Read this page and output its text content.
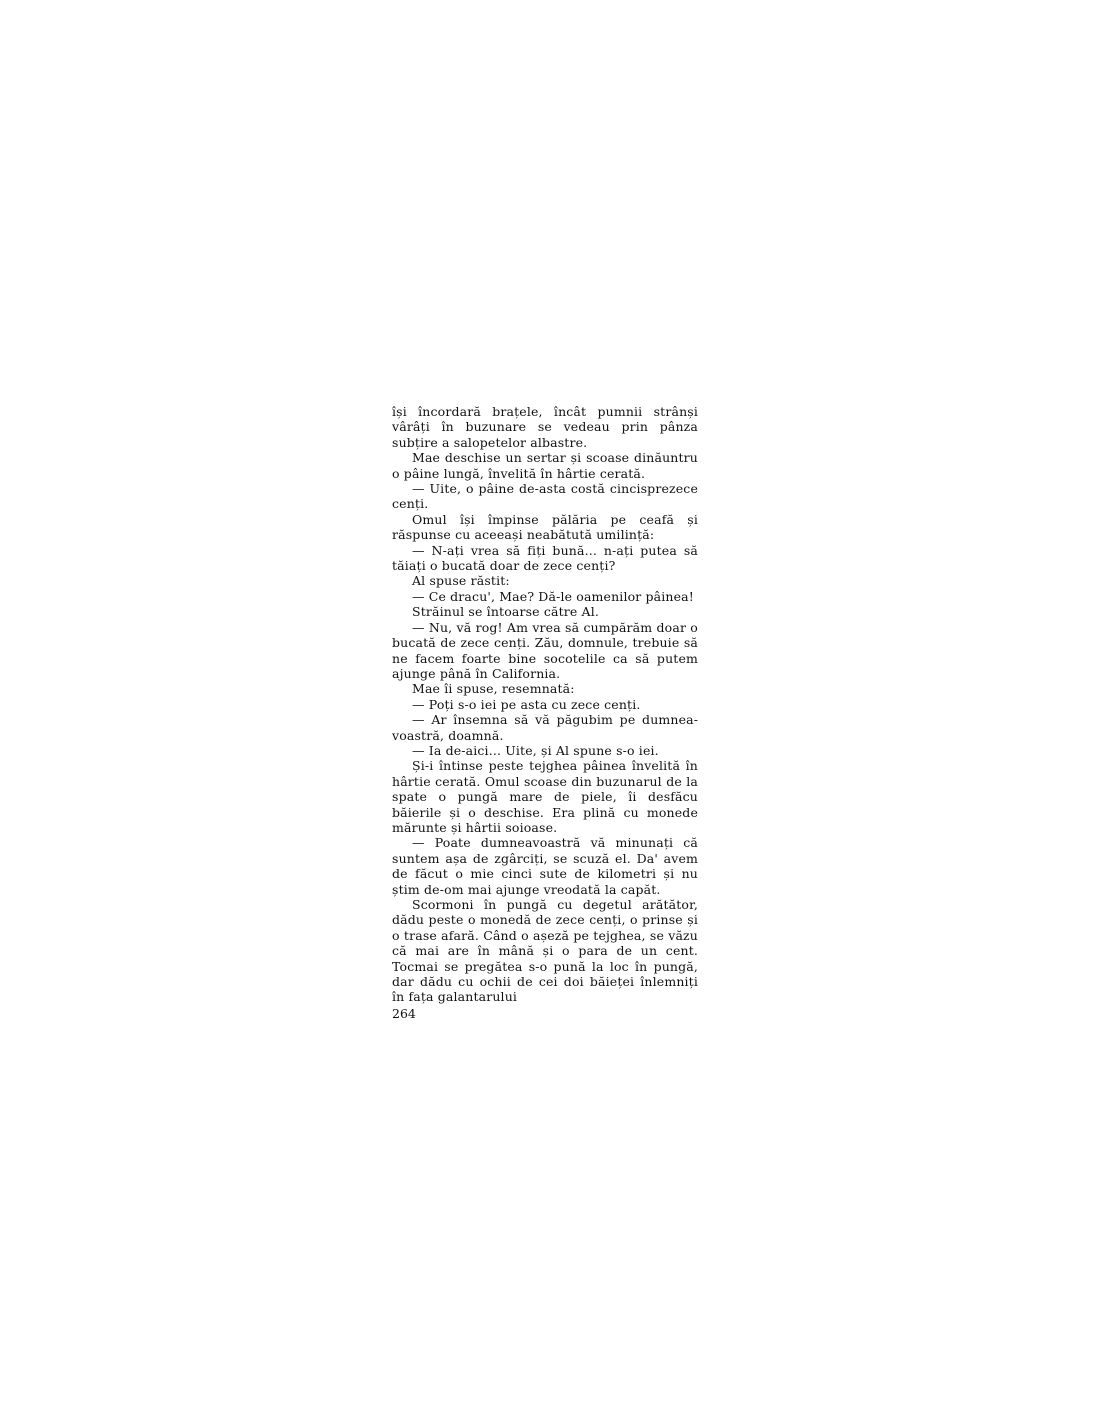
își încordară brațele, încât pumnii strânși vârâți în buzunare se vedeau prin pânza subțire a salopetelor albastre.

Mae deschise un sertar și scoase dinăuntru o pâine lungă, învelită în hârtie cerată.

— Uite, o pâine de-asta costă cincisprezece cenți.

Omul își împinse pălăria pe ceafă și răspunse cu aceeași neabătută umilință:

— N-ați vrea să fiți bună... n-ați putea să tăiați o bucată doar de zece cenți?

Al spuse răstit:

— Ce dracu', Mae? Dă-le oamenilor pâinea!

Străinul se întoarse către Al.

— Nu, vă rog! Am vrea să cumpărăm doar o bucată de zece cenți. Zău, domnule, trebuie să ne facem foarte bine socotelile ca să putem ajunge până în California.

Mae îi spuse, resemnată:

— Poți s-o iei pe asta cu zece cenți.

— Ar însemna să vă păgubim pe dumneavoastră, doamnă.

— Ia de-aici... Uite, și Al spune s-o iei.

Și-i întinse peste tejghea pâinea învelită în hârtie cerată. Omul scoase din buzunarul de la spate o pungă mare de piele, îi desfăcu băierile și o deschise. Era plină cu monede mărunte și hârtii soioase.

— Poate dumneavoastră vă minunați că suntem așa de zgârciți, se scuză el. Da' avem de făcut o mie cinci sute de kilometri și nu știm de-om mai ajunge vreodată la capăt.

Scormoni în pungă cu degetul arătător, dădu peste o monedă de zece cenți, o prinse și o trase afară. Când o așeză pe tejghea, se văzu că mai are în mână și o para de un cent. Tocmai se pregătea s-o pună la loc în pungă, dar dădu cu ochii de cei doi băieței înlemniți în fața galantarului

264
